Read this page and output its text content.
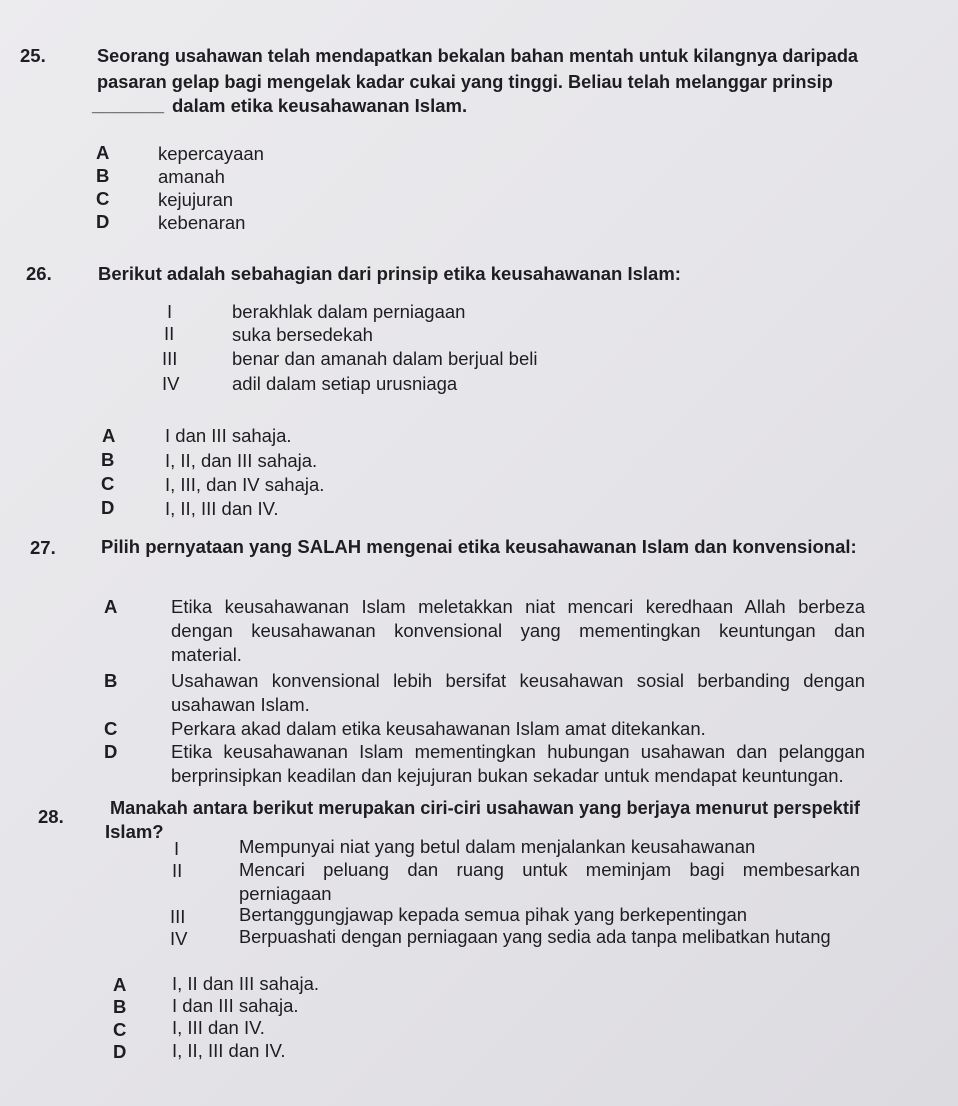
25.	Seorang usahawan telah mendapatkan bekalan bahan mentah untuk kilangnya daripada
pasaran gelap bagi mengelak kadar cukai yang tinggi. Beliau telah melanggar prinsip
_______ dalam etika keusahawanan Islam.
A	kepercayaan
B	amanah
C	kejujuran
D	kebenaran
26.	Berikut adalah sebahagian dari prinsip etika keusahawanan Islam:
I	berakhlak dalam perniagaan
II	suka bersedekah
III	benar dan amanah dalam berjual beli
IV	adil dalam setiap urusniaga
A	I dan III sahaja.
B	I, II, dan III sahaja.
C	I, III, dan IV sahaja.
D	I, II, III dan IV.
27. Pilih pernyataan yang SALAH mengenai etika keusahawanan Islam dan konvensional:
A	Etika keusahawanan Islam meletakkan niat mencari keredhaan Allah berbeza
dengan keusahawanan konvensional yang mementingkan keuntungan dan
material.
B	Usahawan konvensional lebih bersifat keusahawan sosial berbanding dengan
usahawan Islam.
C	Perkara akad dalam etika keusahawanan Islam amat ditekankan.
D	Etika keusahawanan Islam mementingkan hubungan usahawan dan pelanggan
berprinsipkan keadilan dan kejujuran bukan sekadar untuk mendapat keuntungan.
28.	Manakah antara berikut merupakan ciri-ciri usahawan yang berjaya menurut perspektif
Islam?
I	Mempunyai niat yang betul dalam menjalankan keusahawanan
II	Mencari peluang dan ruang untuk meminjam bagi membesarkan
perniagaan
III	Bertanggungjawap kepada semua pihak yang berkepentingan
IV	Berpuashati dengan perniagaan yang sedia ada tanpa melibatkan hutang
A I, II dan III sahaja.
B I dan III sahaja.
C I, III dan IV.
D I, II, III dan IV.
